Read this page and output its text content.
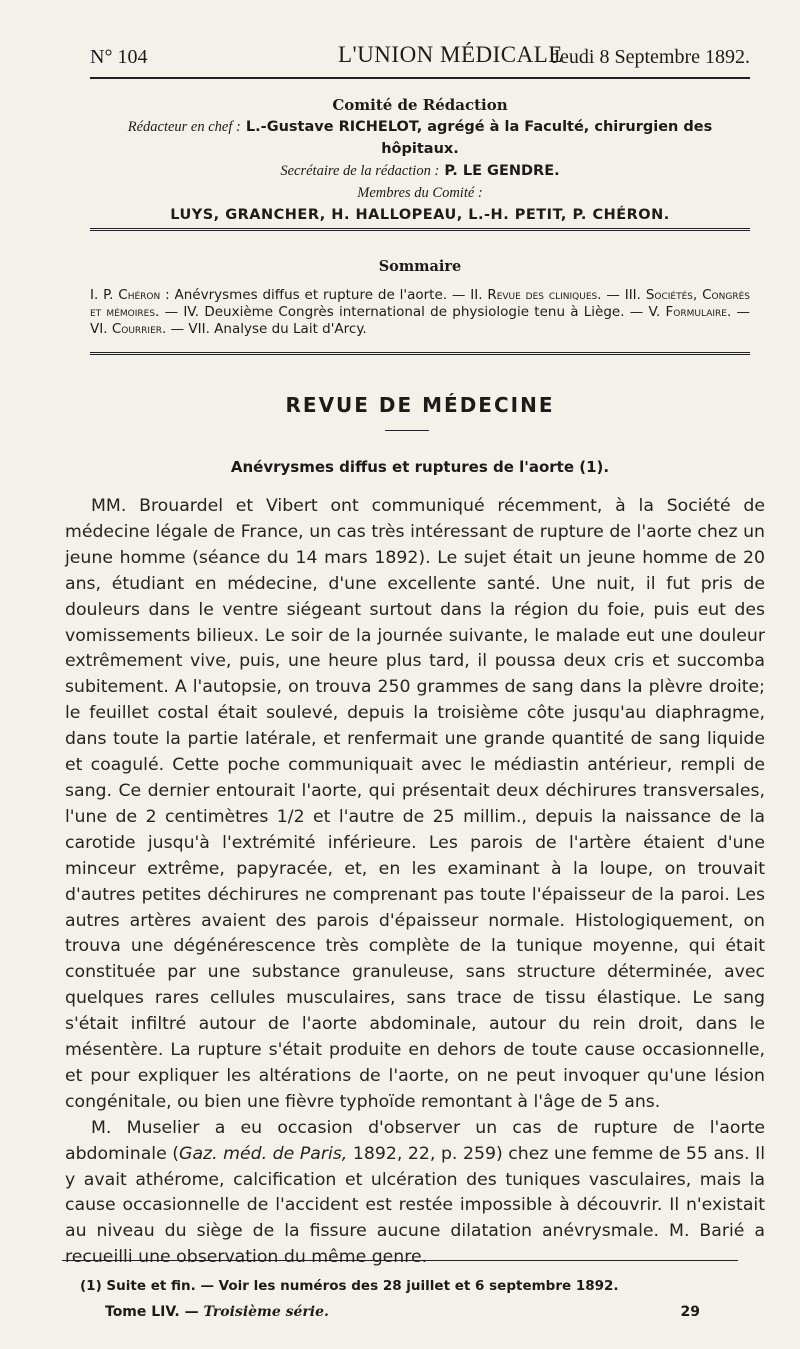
N° 104	L'UNION MÉDICALE
Jeudi 8 Septembre 1892.
Comité de Rédaction
Rédacteur en chef : L.-Gustave RICHELOT, agrégé à la Faculté, chirurgien des hôpitaux.
Secrétaire de la rédaction : P. LE GENDRE.
Membres du Comité :
LUYS, GRANCHER, H. HALLOPEAU, L.-H. PETIT, P. CHÉRON.
Sommaire
I. P. Chéron : Anévrysmes diffus et rupture de l'aorte. — II. Revue des cliniques. — III. Sociétés, Congrès et mémoires. — IV. Deuxième Congrès international de physiologie tenu à Liège. — V. Formulaire. — VI. Courrier. — VII. Analyse du Lait d'Arcy.
REVUE DE MÉDECINE
Anévrysmes diffus et ruptures de l'aorte (1).

MM. Brouardel et Vibert ont communiqué récemment, à la Société de médecine légale de France, un cas très intéressant de rupture de l'aorte chez un jeune homme (séance du 14 mars 1892). Le sujet était un jeune homme de 20 ans, étudiant en médecine, d'une excellente santé. Une nuit, il fut pris de douleurs dans le ventre siégeant surtout dans la région du foie, puis eut des vomissements bilieux. Le soir de la journée suivante, le malade eut une douleur extrêmement vive, puis, une heure plus tard, il poussa deux cris et succomba subitement. A l'autopsie, on trouva 250 grammes de sang dans la plèvre droite; le feuillet costal était soulevé, depuis la troisième côte jusqu'au diaphragme, dans toute la partie latérale, et renfermait une grande quantité de sang liquide et coagulé. Cette poche communiquait avec le médiastin antérieur, rempli de sang. Ce dernier entourait l'aorte, qui présentait deux déchirures transversales, l'une de 2 centimètres 1/2 et l'autre de 25 millim., depuis la naissance de la carotide jusqu'à l'extrémité inférieure. Les parois de l'artère étaient d'une minceur extrême, papyracée, et, en les examinant à la loupe, on trouvait d'autres petites déchirures ne comprenant pas toute l'épaisseur de la paroi. Les autres artères avaient des parois d'épaisseur normale. Histologiquement, on trouva une dégénérescence très complète de la tunique moyenne, qui était constituée par une substance granuleuse, sans structure déterminée, avec quelques rares cellules musculaires, sans trace de tissu élastique. Le sang s'était infiltré autour de l'aorte abdominale, autour du rein droit, dans le mésentère. La rupture s'était produite en dehors de toute cause occasionnelle, et pour expliquer les altérations de l'aorte, on ne peut invoquer qu'une lésion congénitale, ou bien une fièvre typhoïde remontant à l'âge de 5 ans.

M. Muselier a eu occasion d'observer un cas de rupture de l'aorte abdominale (Gaz. méd. de Paris, 1892, 22, p. 259) chez une femme de 55 ans. Il y avait athérome, calcification et ulcération des tuniques vasculaires, mais la cause occasionnelle de l'accident est restée impossible à découvrir. Il n'existait au niveau du siège de la fissure aucune dilatation anévrysmale. M. Barié a recueilli une observation du même genre.

(1) Suite et fin. — Voir les numéros des 28 juillet et 6 septembre 1892.
Tome LIV. — Troisième série.	29
